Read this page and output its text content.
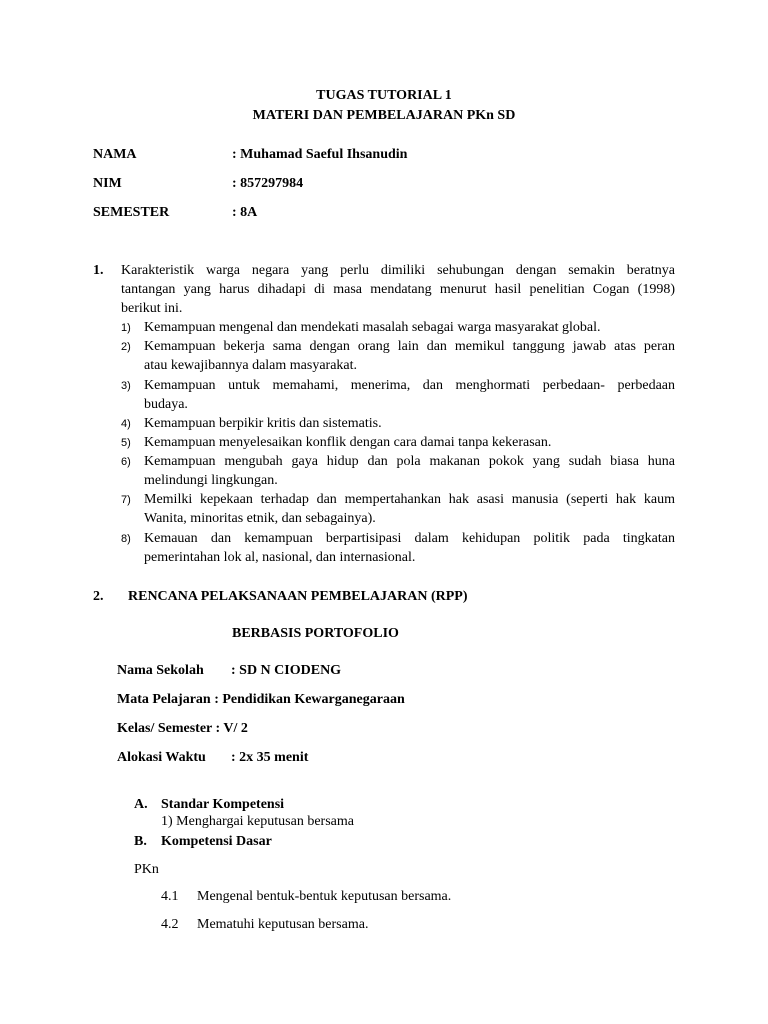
TUGAS TUTORIAL 1
MATERI DAN PEMBELAJARAN PKn SD
NAMA	: Muhamad Saeful Ihsanudin
NIM	: 857297984
SEMESTER	: 8A
1. Karakteristik warga negara yang perlu dimiliki sehubungan dengan semakin beratnya
tantangan yang harus dihadapi di masa mendatang menurut hasil penelitian Cogan (1998)
berikut ini.
1) Kemampuan mengenal dan mendekati masalah sebagai warga masyarakat global.
2) Kemampuan bekerja sama dengan orang lain dan memikul tanggung jawab atas peran
atau kewajibannya dalam masyarakat.
3) Kemampuan untuk memahami, menerima, dan menghormati perbedaan- perbedaan
budaya.
4) Kemampuan berpikir kritis dan sistematis.
5) Kemampuan menyelesaikan konflik dengan cara damai tanpa kekerasan.
6) Kemampuan mengubah gaya hidup dan pola makanan pokok yang sudah biasa huna
melindungi lingkungan.
7) Memilki kepekaan terhadap dan mempertahankan hak asasi manusia (seperti hak kaum
Wanita, minoritas etnik, dan sebagainya).
8) Kemauan dan kemampuan berpartisipasi dalam kehidupan politik pada tingkatan
pemerintahan lok al, nasional, dan internasional.
2. RENCANA PELAKSANAAN PEMBELAJARAN (RPP)
BERBASIS PORTOFOLIO
Nama Sekolah : SD N CIODENG
Mata Pelajaran : Pendidikan Kewarganegaraan
Kelas/ Semester : V/ 2
Alokasi Waktu : 2x 35 menit
A. Standar Kompetensi
1) Menghargai keputusan bersama
B. Kompetensi Dasar
PKn
4.1 Mengenal bentuk-bentuk keputusan bersama.
4.2 Mematuhi keputusan bersama.
